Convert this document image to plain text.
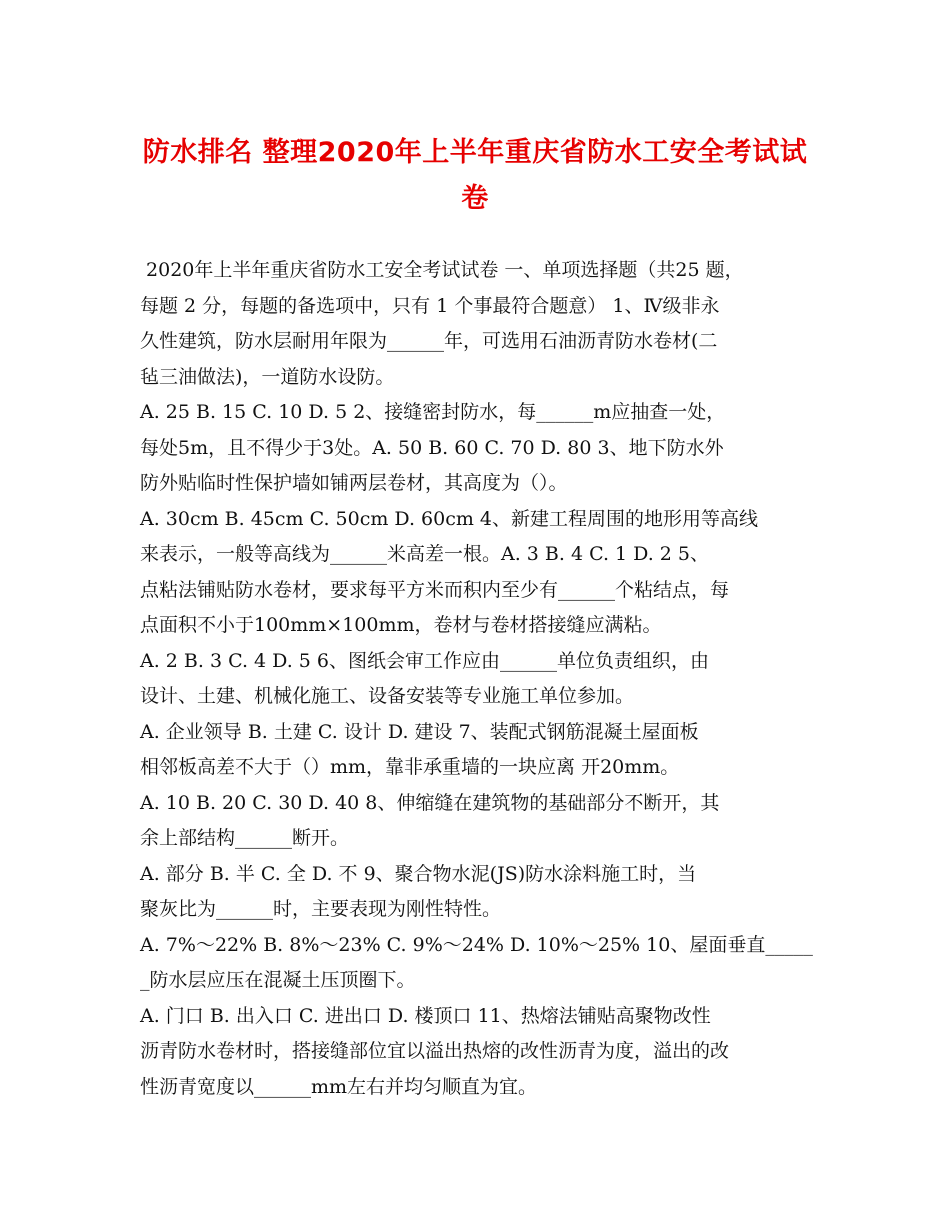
防水排名 整理2020年上半年重庆省防水工安全考试试
卷
2020年上半年重庆省防水工安全考试试卷 一、单项选择题（共25 题，
每题 2 分，每题的备选项中，只有 1 个事最符合题意） 1、Ⅳ级非永
久性建筑，防水层耐用年限为______年，可选用石油沥青防水卷材(二
毡三油做法)，一道防水设防。
A. 25 B. 15 C. 10 D. 5 2、接缝密封防水，每______m应抽查一处，
每处5m，且不得少于3处。A. 50 B. 60 C. 70 D. 80 3、地下防水外
防外贴临时性保护墙如铺两层卷材，其高度为（）。
A. 30cm B. 45cm C. 50cm D. 60cm 4、新建工程周围的地形用等高线
来表示，一般等高线为______米高差一根。A. 3 B. 4 C. 1 D. 2 5、
点粘法铺贴防水卷材，要求每平方米而积内至少有______个粘结点，每
点面积不小于100mm×100mm，卷材与卷材搭接缝应满粘。
A. 2 B. 3 C. 4 D. 5 6、图纸会审工作应由______单位负责组织，由
设计、土建、机械化施工、设备安装等专业施工单位参加。
A. 企业领导 B. 土建 C. 设计 D. 建设 7、装配式钢筋混凝土屋面板
相邻板高差不大于（）mm，靠非承重墙的一块应离 开20mm。
A. 10 B. 20 C. 30 D. 40 8、伸缩缝在建筑物的基础部分不断开，其
余上部结构______断开。
A. 部分 B. 半 C. 全 D. 不 9、聚合物水泥(JS)防水涂料施工时，当
聚灰比为______时，主要表现为刚性特性。
A. 7%～22% B. 8%～23% C. 9%～24% D. 10%～25% 10、屋面垂直_____
_防水层应压在混凝土压顶圈下。
A. 门口 B. 出入口 C. 进出口 D. 楼顶口 11、热熔法铺贴高聚物改性
沥青防水卷材时，搭接缝部位宜以溢出热熔的改性沥青为度，溢出的改
性沥青宽度以______mm左右并均匀顺直为宜。
